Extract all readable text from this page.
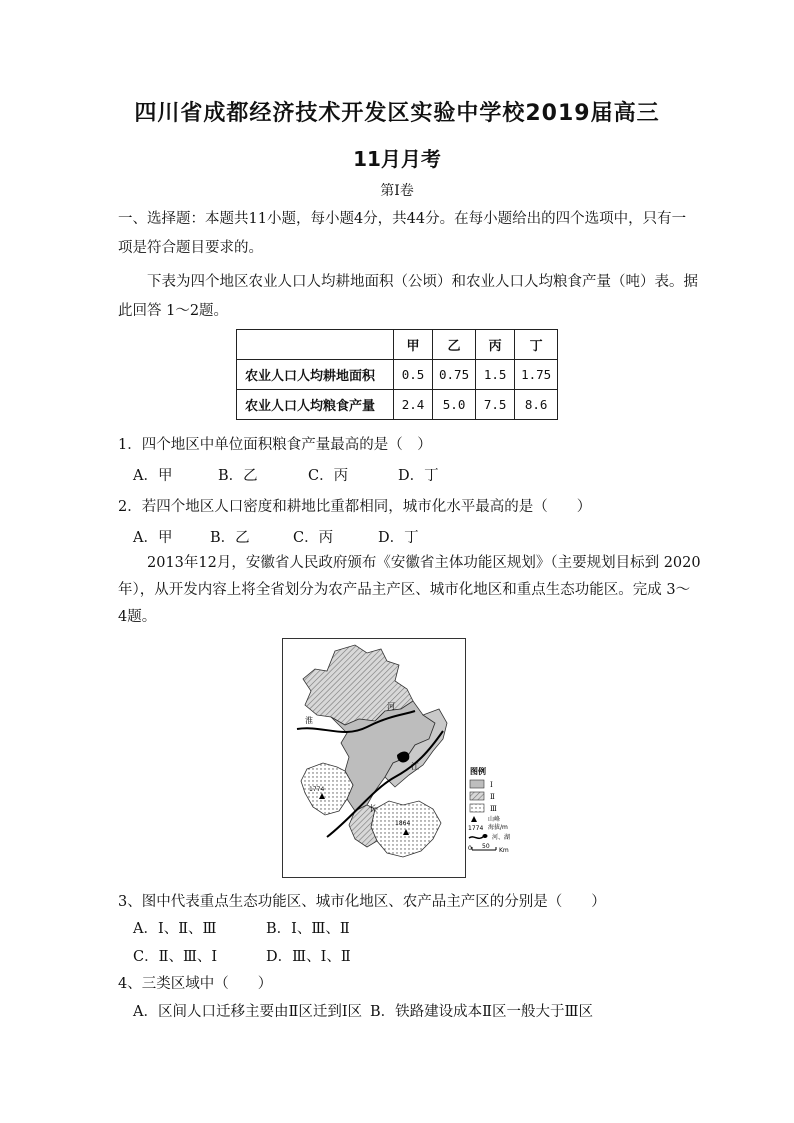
四川省成都经济技术开发区实验中学校2019届高三
11月月考
第Ⅰ卷
一、选择题：本题共11小题，每小题4分，共44分。在每小题给出的四个选项中，只有一
项是符合题目要求的。
下表为四个地区农业人口人均耕地面积（公顷）和农业人口人均粮食产量（吨）表。据
此回答 1～2题。
	甲	乙	丙	丁
农业人口人均耕地面积	0.5	0.75	1.5	1.75
农业人口人均粮食产量	2.4	5.0	7.5	8.6
1．四个地区中单位面积粮食产量最高的是（　）
A．甲	B．乙	C．丙	D．丁
2．若四个地区人口密度和耕地比重都相同，城市化水平最高的是（　　）
A．甲	B．乙	C．丙	D．丁
2013年12月，安徽省人民政府颁布《安徽省主体功能区规划》（主要规划目标到 2020
年），从开发内容上将全省划分为农产品主产区、城市化地区和重点生态功能区。完成 3～
4题。
淮
河
江
长
1774
1864
图例
Ⅰ
Ⅱ
Ⅲ
山峰
1774 海拔/m
河、湖
0 50
Km
3、图中代表重点生态功能区、城市化地区、农产品主产区的分别是（　　）
A．Ⅰ、Ⅱ、Ⅲ	B．Ⅰ、Ⅲ、Ⅱ
C．Ⅱ、Ⅲ、Ⅰ	D．Ⅲ、Ⅰ、Ⅱ
4、三类区域中（　　）
A．区间人口迁移主要由Ⅱ区迁到Ⅰ区 B．铁路建设成本Ⅱ区一般大于Ⅲ区
